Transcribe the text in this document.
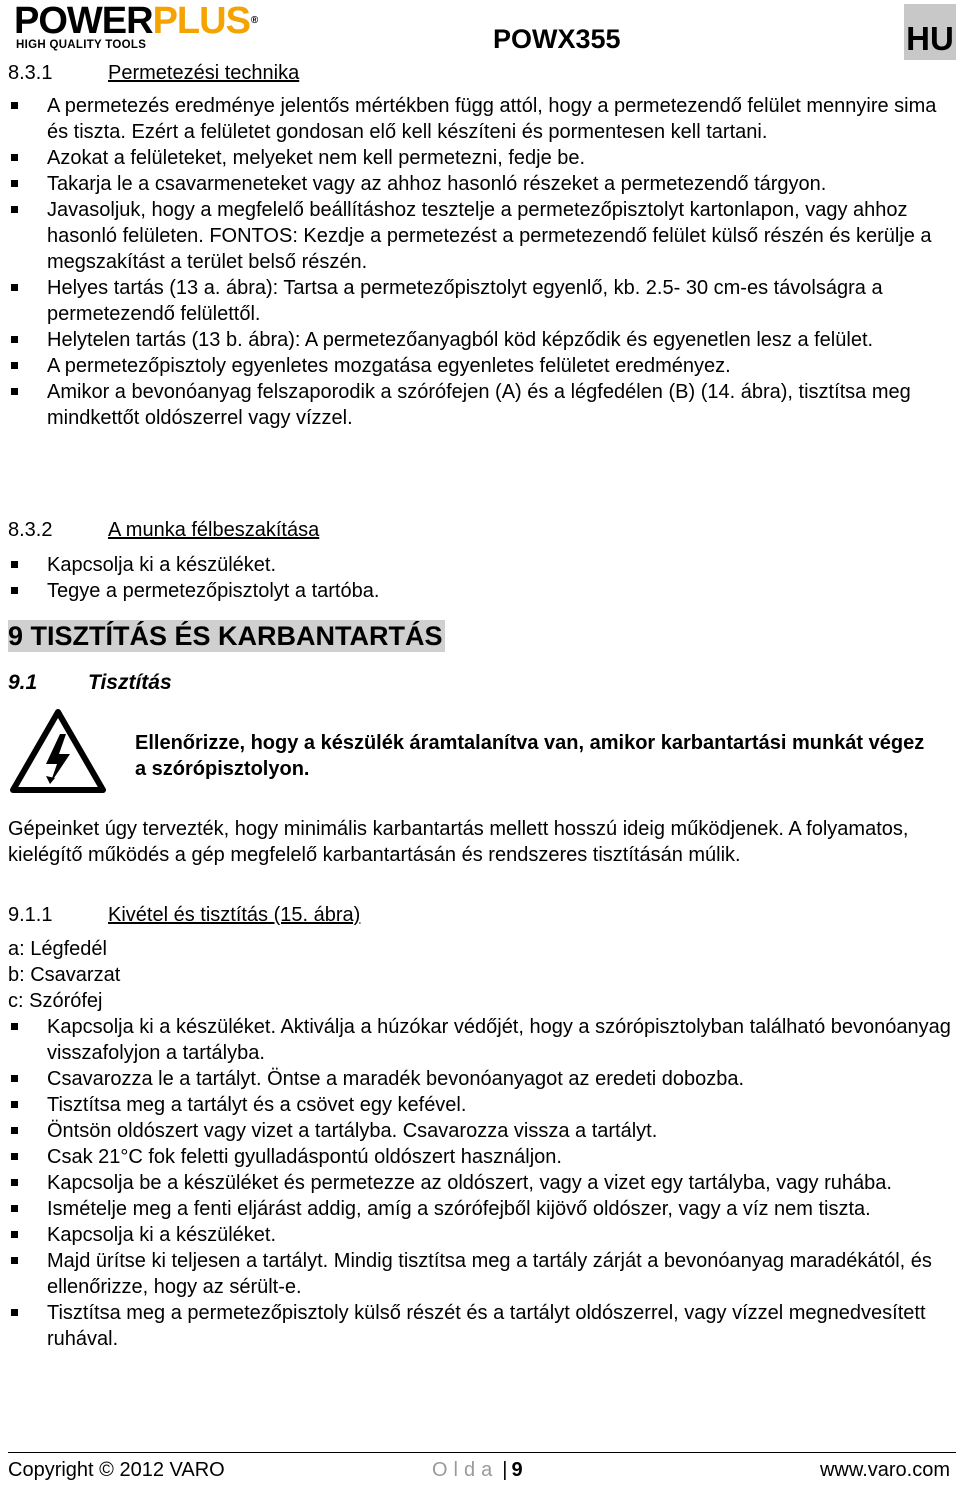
POWERPLUS®
HIGH QUALITY TOOLS	POWX355	HU
8.3.1	Permetezési technika
A permetezés eredménye jelentős mértékben függ attól, hogy a permetezendő felület mennyire sima és tiszta. Ezért a felületet gondosan elő kell készíteni és pormentesen kell tartani.
Azokat a felületeket, melyeket nem kell permetezni, fedje be.
Takarja le a csavarmeneteket vagy az ahhoz hasonló részeket a permetezendő tárgyon.
Javasoljuk, hogy a megfelelő beállításhoz tesztelje a permetezőpisztolyt kartonlapon, vagy ahhoz hasonló felületen. FONTOS: Kezdje a permetezést a permetezendő felület külső részén és kerülje a megszakítást a terület belső részén.
Helyes tartás (13 a. ábra): Tartsa a permetezőpisztolyt egyenlő, kb. 2.5- 30 cm-es távolságra a permetezendő felülettől.
Helytelen tartás (13 b. ábra): A permetezőanyagból köd képződik és egyenetlen lesz a felület.
A permetezőpisztoly egyenletes mozgatása egyenletes felületet eredményez.
Amikor a bevonóanyag felszaporodik a szórófejen (A) és a légfedélen (B) (14. ábra), tisztítsa meg mindkettőt oldószerrel vagy vízzel.
8.3.2	A munka félbeszakítása
Kapcsolja ki a készüléket.
Tegye a permetezőpisztolyt a tartóba.
9 TISZTÍTÁS ÉS KARBANTARTÁS
9.1 Tisztítás
Ellenőrizze, hogy a készülék áramtalanítva van, amikor karbantartási munkát végez a szórópisztolyon.
Gépeinket úgy tervezték, hogy minimális karbantartás mellett hosszú ideig működjenek. A folyamatos, kielégítő működés a gép megfelelő karbantartásán és rendszeres tisztításán múlik.
9.1.1	Kivétel és tisztítás (15. ábra)
a: Légfedél
b: Csavarzat
c: Szórófej
Kapcsolja ki a készüléket. Aktiválja a húzókar védőjét, hogy a szórópisztolyban található bevonóanyag visszafolyjon a tartályba.
Csavarozza le a tartályt. Öntse a maradék bevonóanyagot az eredeti dobozba.
Tisztítsa meg a tartályt és a csövet egy kefével.
Öntsön oldószert vagy vizet a tartályba. Csavarozza vissza a tartályt.
Csak 21°C fok feletti gyulladáspontú oldószert használjon.
Kapcsolja be a készüléket és permetezze az oldószert, vagy a vizet egy tartályba, vagy ruhába.
Ismételje meg a fenti eljárást addig, amíg a szórófejből kijövő oldószer, vagy a víz nem tiszta.
Kapcsolja ki a készüléket.
Majd ürítse ki teljesen a tartályt. Mindig tisztítsa meg a tartály zárját a bevonóanyag maradékától, és ellenőrizze, hogy az sérült-e.
Tisztítsa meg a permetezőpisztoly külső részét és a tartályt oldószerrel, vagy vízzel megnedvesített ruhával.
Copyright © 2012 VARO	Olda | 9	www.varo.com
